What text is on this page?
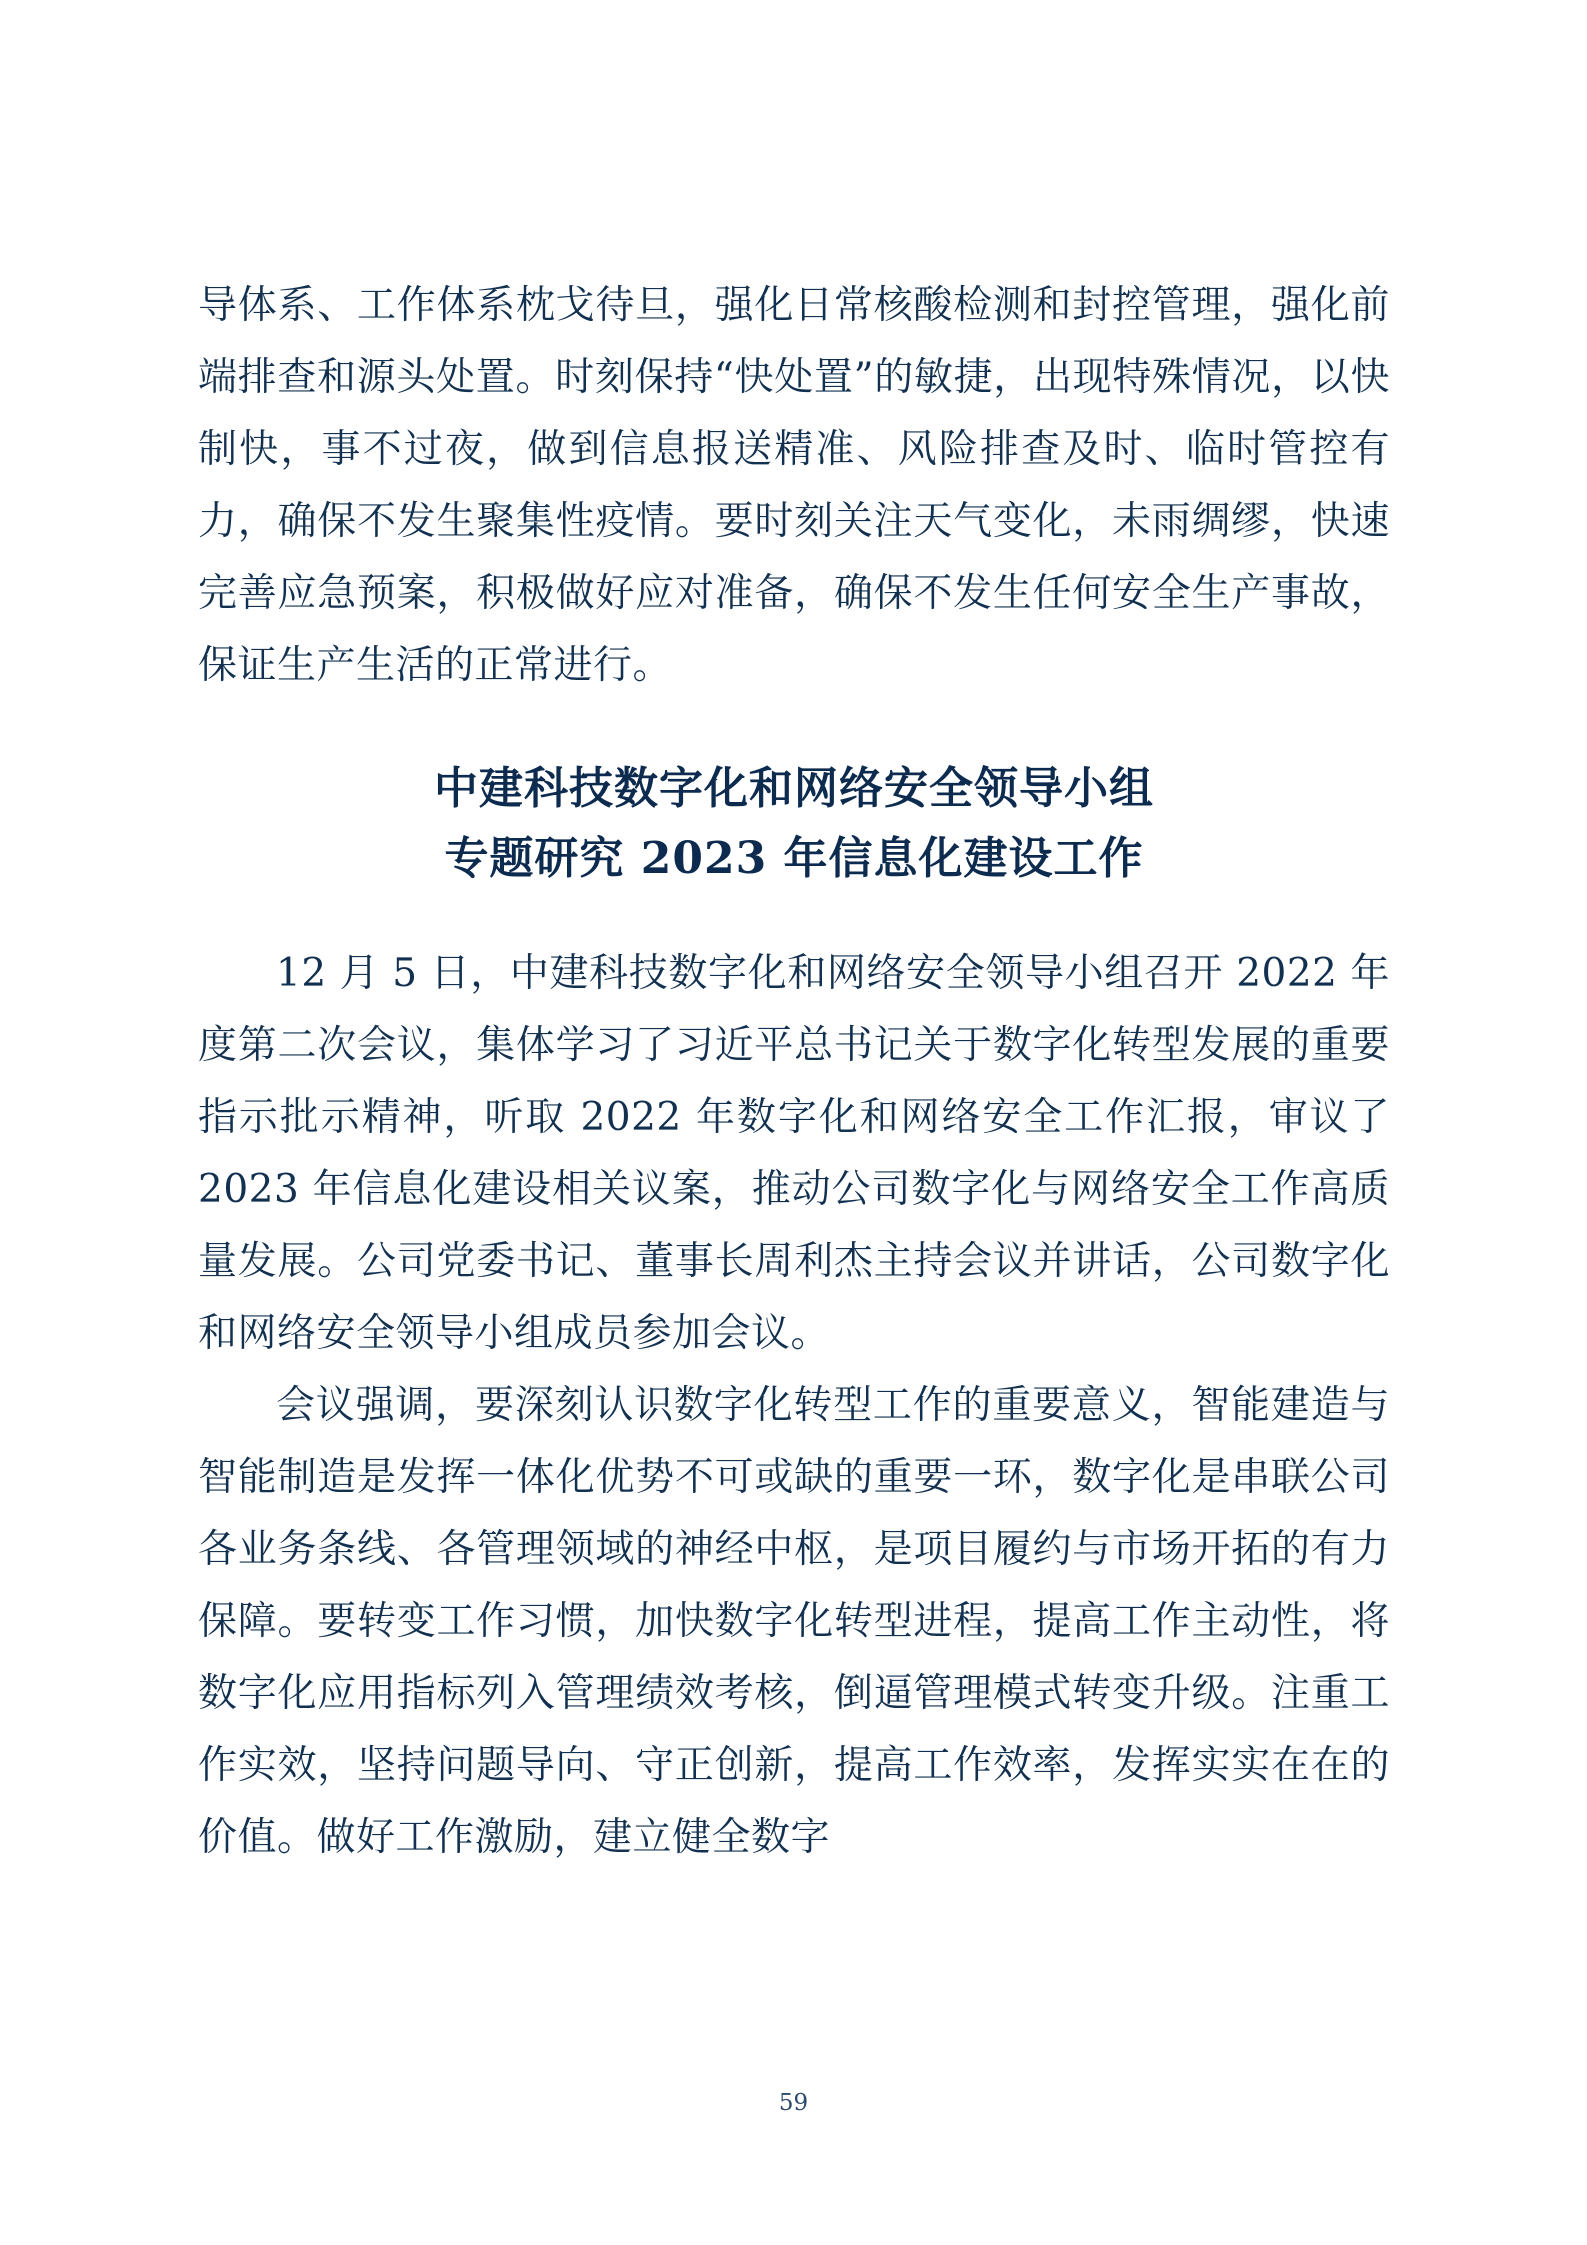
导体系、工作体系枕戈待旦，强化日常核酸检测和封控管理，强化前端排查和源头处置。时刻保持“快处置”的敏捷，出现特殊情况，以快制快，事不过夜，做到信息报送精准、风险排查及时、临时管控有力，确保不发生聚集性疫情。要时刻关注天气变化，未雨绸缪，快速完善应急预案，积极做好应对准备，确保不发生任何安全生产事故，保证生产生活的正常进行。

中建科技数字化和网络安全领导小组
专题研究 2023 年信息化建设工作

12 月 5 日，中建科技数字化和网络安全领导小组召开 2022 年度第二次会议，集体学习了习近平总书记关于数字化转型发展的重要指示批示精神，听取 2022 年数字化和网络安全工作汇报，审议了 2023 年信息化建设相关议案，推动公司数字化与网络安全工作高质量发展。公司党委书记、董事长周利杰主持会议并讲话，公司数字化和网络安全领导小组成员参加会议。

会议强调，要深刻认识数字化转型工作的重要意义，智能建造与智能制造是发挥一体化优势不可或缺的重要一环，数字化是串联公司各业务条线、各管理领域的神经中枢，是项目履约与市场开拓的有力保障。要转变工作习惯，加快数字化转型进程，提高工作主动性，将数字化应用指标列入管理绩效考核，倒逼管理模式转变升级。注重工作实效，坚持问题导向、守正创新，提高工作效率，发挥实实在在的价值。做好工作激励，建立健全数字

59
